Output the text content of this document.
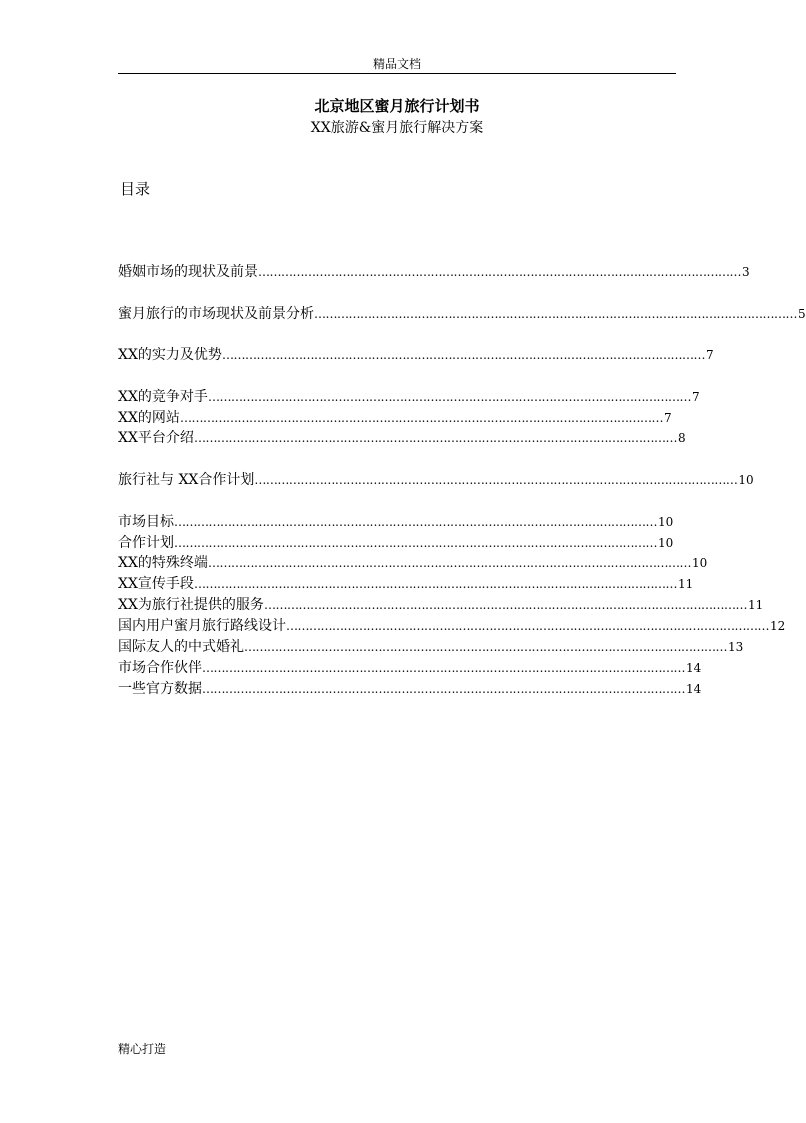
精品文档
北京地区蜜月旅行计划书
XX旅游&蜜月旅行解决方案
目录
婚姻市场的现状及前景 ……………………………………………………………………………………………………………… 3
蜜月旅行的市场现状及前景分析 ……………………………………………………………………………………………………………… 5
XX的实力及优势 ……………………………………………………………………………………………………………… 7
XX的竞争对手 ……………………………………………………………………………………………………………… 7
XX的网站 ……………………………………………………………………………………………………………… 7
XX平台介绍 ……………………………………………………………………………………………………………… 8
旅行社与 XX合作计划 ……………………………………………………………………………………………………………… 10
市场目标 ……………………………………………………………………………………………………………… 10
合作计划 ……………………………………………………………………………………………………………… 10
XX的特殊终端 ……………………………………………………………………………………………………………… 10
XX宣传手段 ……………………………………………………………………………………………………………… 11
XX为旅行社提供的服务 ……………………………………………………………………………………………………………… 11
国内用户蜜月旅行路线设计 ……………………………………………………………………………………………………………… 12
国际友人的中式婚礼 ……………………………………………………………………………………………………………… 13
市场合作伙伴 ……………………………………………………………………………………………………………… 14
一些官方数据 ……………………………………………………………………………………………………………… 14
精心打造
